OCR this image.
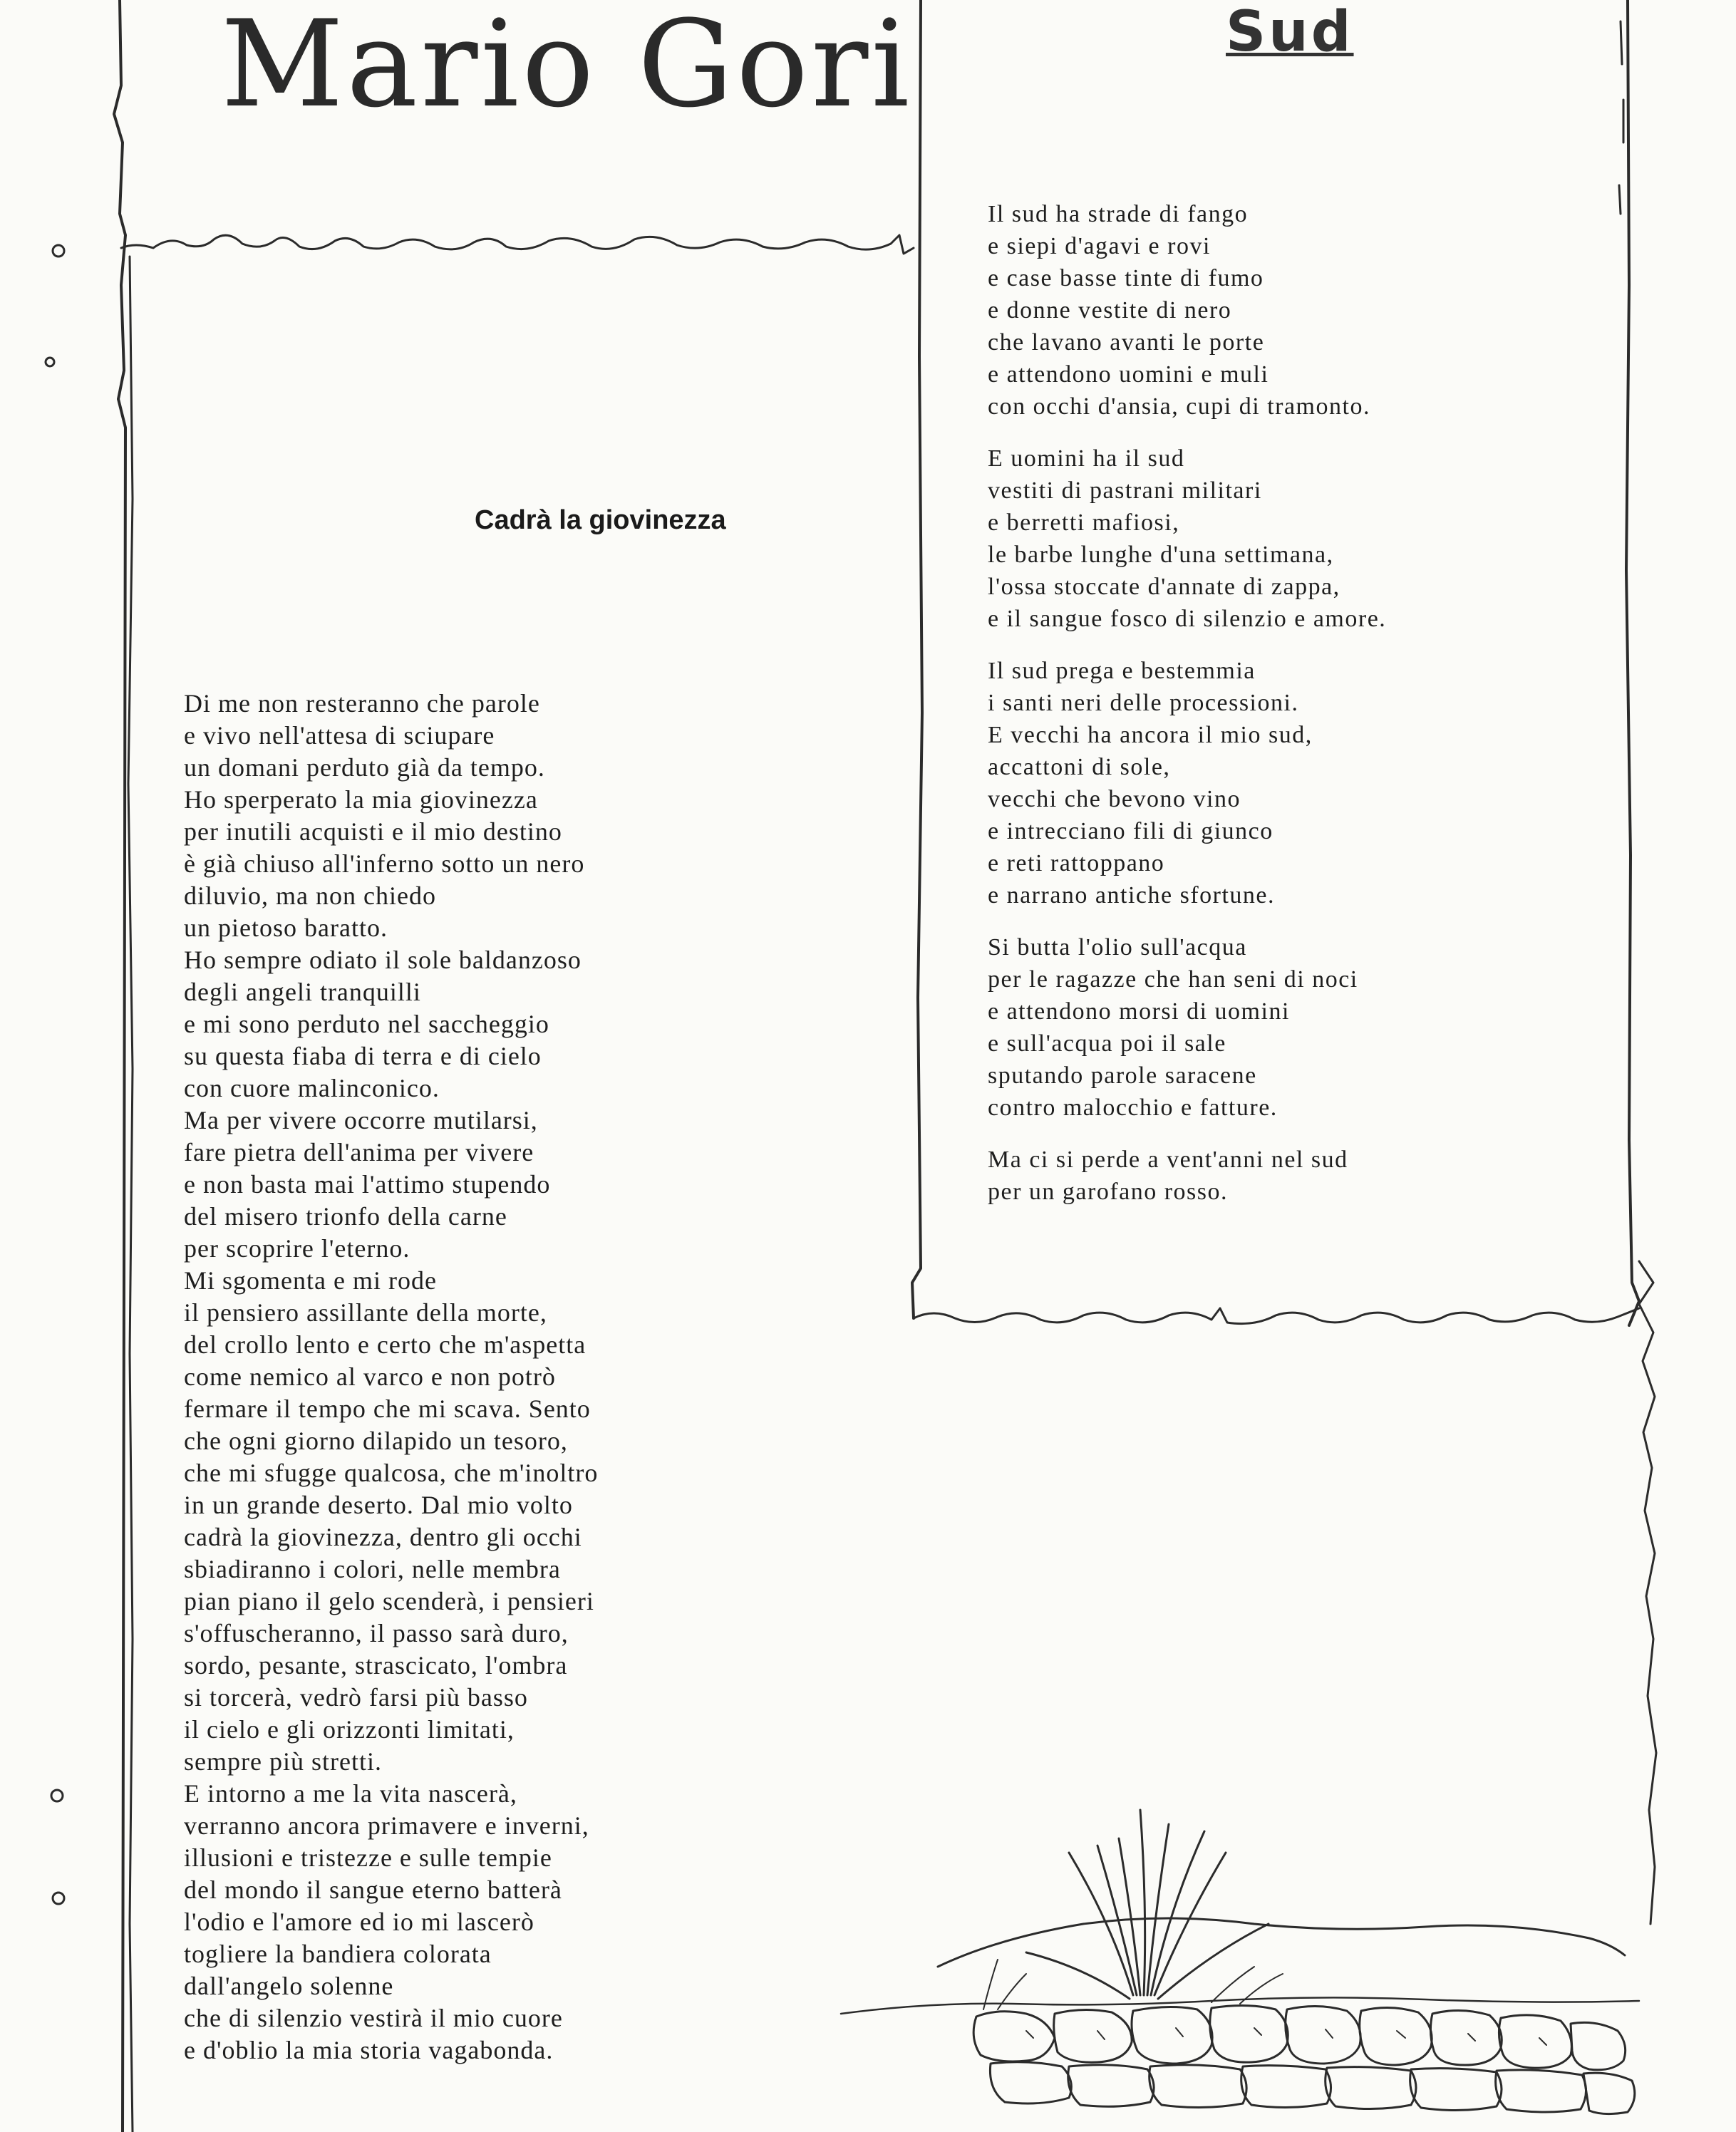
Mario Gori	Sud
Cadrà la giovinezza
Di me non resteranno che parole
e vivo nell'attesa di sciupare
un domani perduto già da tempo.
Ho sperperato la mia giovinezza
per inutili acquisti e il mio destino
è già chiuso all'inferno sotto un nero
diluvio, ma non chiedo
un pietoso baratto.
Ho sempre odiato il sole baldanzoso
degli angeli tranquilli
e mi sono perduto nel saccheggio
su questa fiaba di terra e di cielo
con cuore malinconico.
Ma per vivere occorre mutilarsi,
fare pietra dell'anima per vivere
e non basta mai l'attimo stupendo
del misero trionfo della carne
per scoprire l'eterno.
Mi sgomenta e mi rode
il pensiero assillante della morte,
del crollo lento e certo che m'aspetta
come nemico al varco e non potrò
fermare il tempo che mi scava. Sento
che ogni giorno dilapido un tesoro,
che mi sfugge qualcosa, che m'inoltro
in un grande deserto. Dal mio volto
cadrà la giovinezza, dentro gli occhi
sbiadiranno i colori, nelle membra
pian piano il gelo scenderà, i pensieri
s'offuscheranno, il passo sarà duro,
sordo, pesante, strascicato, l'ombra
si torcerà, vedrò farsi più basso
il cielo e gli orizzonti limitati,
sempre più stretti.
E intorno a me la vita nascerà,
verranno ancora primavere e inverni,
illusioni e tristezze e sulle tempie
del mondo il sangue eterno batterà
l'odio e l'amore ed io mi lascerò
togliere la bandiera colorata
dall'angelo solenne
che di silenzio vestirà il mio cuore
e d'oblio la mia storia vagabonda.
Il sud ha strade di fango
e siepi d'agavi e rovi
e case basse tinte di fumo
e donne vestite di nero
che lavano avanti le porte
e attendono uomini e muli
con occhi d'ansia, cupi di tramonto.
E uomini ha il sud
vestiti di pastrani militari
e berretti mafiosi,
le barbe lunghe d'una settimana,
l'ossa stoccate d'annate di zappa,
e il sangue fosco di silenzio e amore.
Il sud prega e bestemmia
i santi neri delle processioni.
E vecchi ha ancora il mio sud,
accattoni di sole,
vecchi che bevono vino
e intrecciano fili di giunco
e reti rattoppano
e narrano antiche sfortune.
Si butta l'olio sull'acqua
per le ragazze che han seni di noci
e attendono morsi di uomini
e sull'acqua poi il sale
sputando parole saracene
contro malocchio e fatture.
Ma ci si perde a vent'anni nel sud
per un garofano rosso.
